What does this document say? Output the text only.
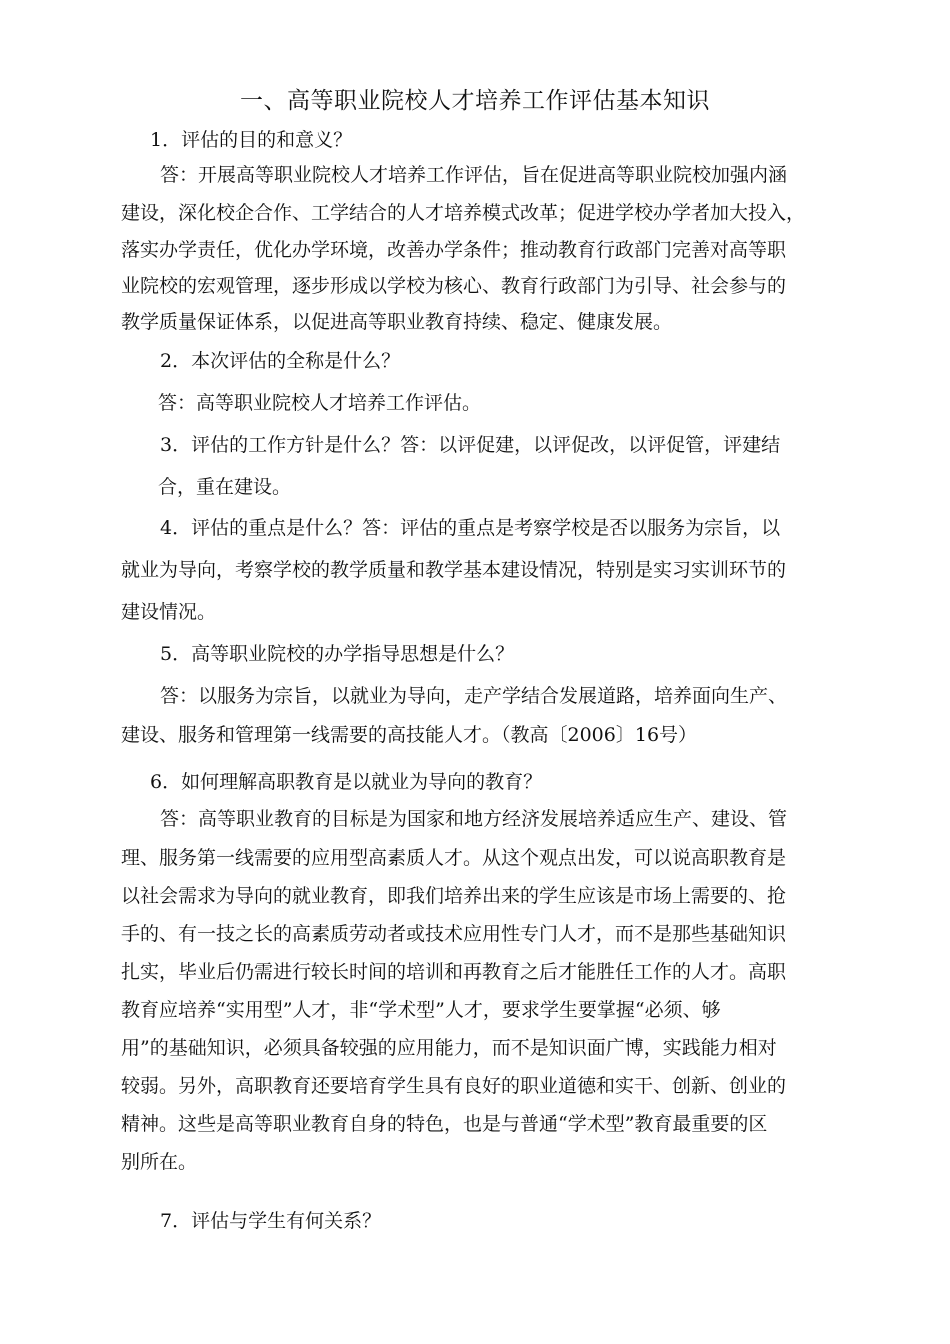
一、高等职业院校人才培养工作评估基本知识
1．评估的目的和意义？
答：开展高等职业院校人才培养工作评估，旨在促进高等职业院校加强内涵
建设，深化校企合作、工学结合的人才培养模式改革；促进学校办学者加大投入，
落实办学责任，优化办学环境，改善办学条件；推动教育行政部门完善对高等职
业院校的宏观管理，逐步形成以学校为核心、教育行政部门为引导、社会参与的
教学质量保证体系，以促进高等职业教育持续、稳定、健康发展。
2．本次评估的全称是什么？
答：高等职业院校人才培养工作评估。
3．评估的工作方针是什么？答：以评促建，以评促改，以评促管，评建结
合，重在建设。
4．评估的重点是什么？答：评估的重点是考察学校是否以服务为宗旨，以
就业为导向，考察学校的教学质量和教学基本建设情况，特别是实习实训环节的
建设情况。
5．高等职业院校的办学指导思想是什么？
答：以服务为宗旨，以就业为导向，走产学结合发展道路，培养面向生产、
建设、服务和管理第一线需要的高技能人才。（教高〔2006〕16号）
6．如何理解高职教育是以就业为导向的教育？
答：高等职业教育的目标是为国家和地方经济发展培养适应生产、建设、管
理、服务第一线需要的应用型高素质人才。从这个观点出发，可以说高职教育是
以社会需求为导向的就业教育，即我们培养出来的学生应该是市场上需要的、抢
手的、有一技之长的高素质劳动者或技术应用性专门人才，而不是那些基础知识
扎实，毕业后仍需进行较长时间的培训和再教育之后才能胜任工作的人才。高职
教育应培养“实用型”人才，非“学术型”人才，要求学生要掌握“必须、够
用”的基础知识，必须具备较强的应用能力，而不是知识面广博，实践能力相对
较弱。另外，高职教育还要培育学生具有良好的职业道德和实干、创新、创业的
精神。这些是高等职业教育自身的特色，也是与普通“学术型”教育最重要的区
别所在。
7．评估与学生有何关系？
